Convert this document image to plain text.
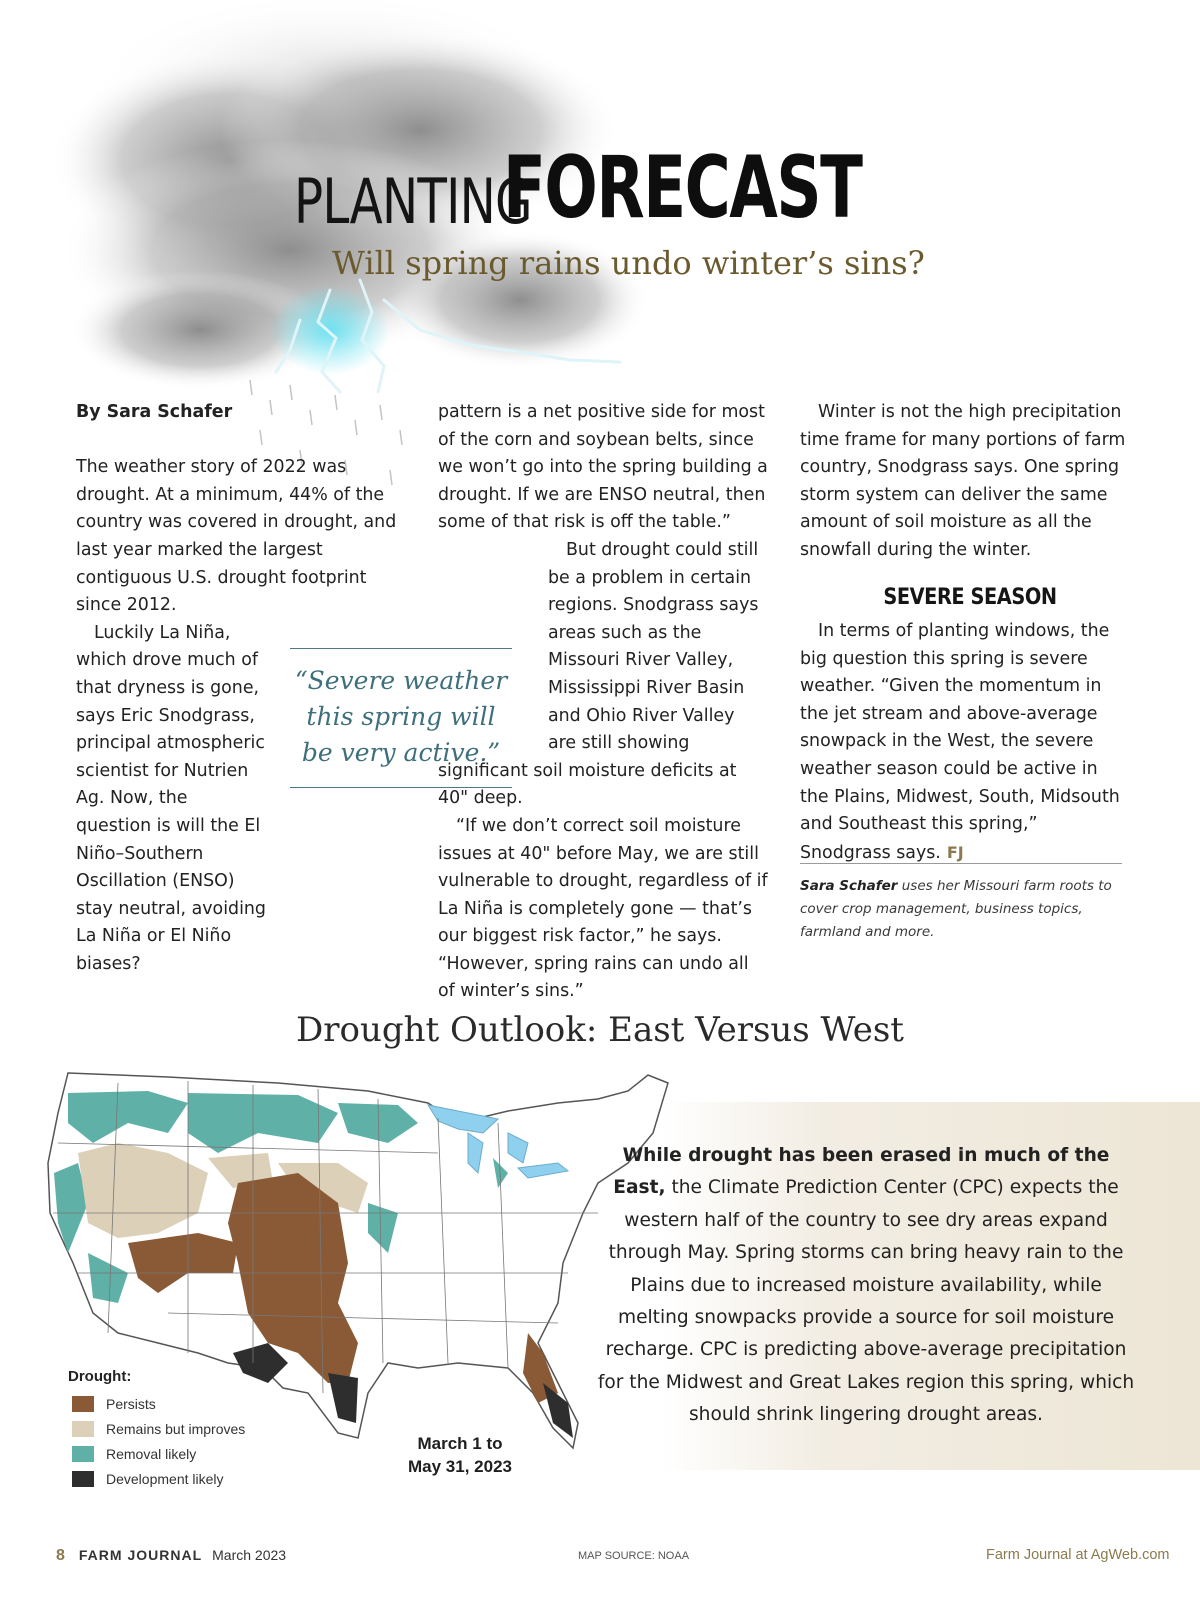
PLANTINGFORECAST
Will spring rains undo winter’s sins?

By Sara Schafer

The weather story of 2022 was drought. At a minimum, 44% of the country was covered in drought, and last year marked the largest contiguous U.S. drought footprint since 2012.

Luckily La Niña, which drove much of that dryness is gone, says Eric Snodgrass, principal atmospheric scientist for Nutrien Ag. Now, the question is will the El Niño–Southern Oscillation (ENSO) stay neutral, avoiding La Niña or El Niño biases?

pattern is a net positive side for most of the corn and soybean belts, since we won’t go into the spring building a drought. If we are ENSO neutral, then some of that risk is off the table.”

But drought could still be a problem in certain regions. Snodgrass says areas such as the Missouri River Valley, Mississippi River Basin and Ohio River Valley are still showing significant soil moisture deficits at 40" deep.

“If we don’t correct soil moisture issues at 40" before May, we are still vulnerable to drought, regardless of if La Niña is completely gone — that’s our biggest risk factor,” he says. “However, spring rains can undo all of winter’s sins.”

“Severe weather this spring will be very active.”

Winter is not the high precipitation time frame for many portions of farm country, Snodgrass says. One spring storm system can deliver the same amount of soil moisture as all the snowfall during the winter.

SEVERE SEASON

In terms of planting windows, the big question this spring is severe weather. “Given the momentum in the jet stream and above-average snowpack in the West, the severe weather season could be active in the Plains, Midwest, South, Midsouth and Southeast this spring,” Snodgrass says. FJ

Sara Schafer uses her Missouri farm roots to cover crop management, business topics, farmland and more.
Drought Outlook: East Versus West
While drought has been erased in much of the East, the Climate Prediction Center (CPC) expects the western half of the country to see dry areas expand through May. Spring storms can bring heavy rain to the Plains due to increased moisture availability, while melting snowpacks provide a source for soil moisture recharge. CPC is predicting above-average precipitation for the Midwest and Great Lakes region this spring, which should shrink lingering drought areas.
Drought:
Persists
Remains but improves
Removal likely
Development likely
March 1 to
May 31, 2023
8 FARM JOURNAL March 2023	MAP SOURCE: NOAA	Farm Journal at AgWeb.com
